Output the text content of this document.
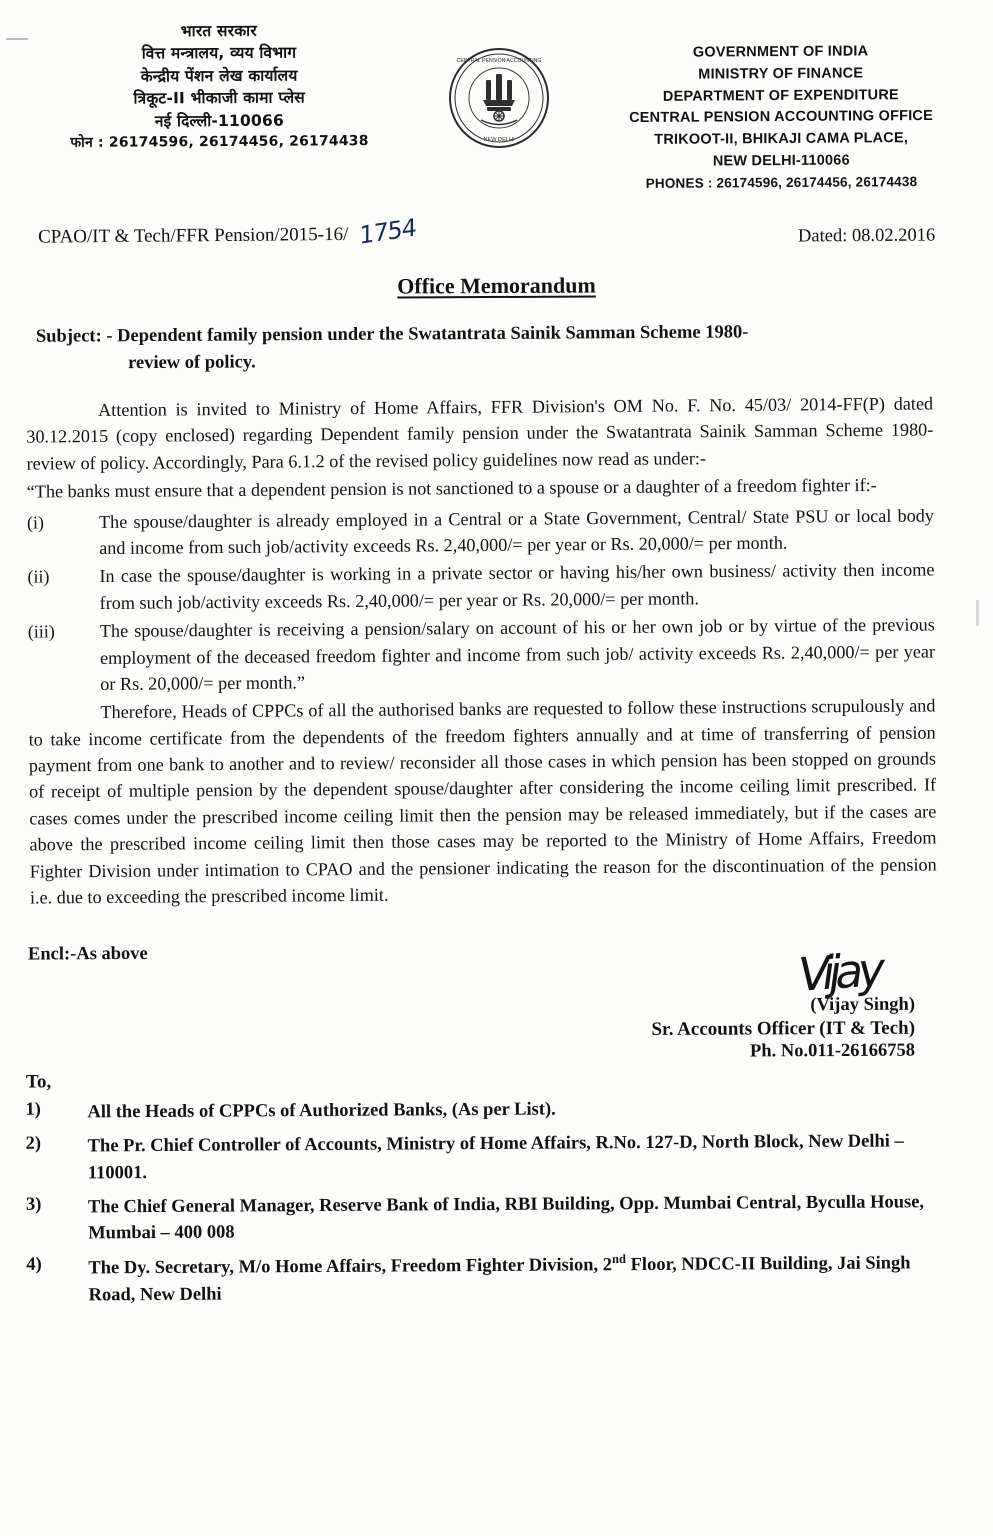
भारत सरकार
वित्त मन्त्रालय, व्यय विभाग
केन्द्रीय पेंशन लेख कार्यालय
त्रिकूट-II भीकाजी कामा प्लेस
नई दिल्ली-110066
फोन : 26174596, 26174456, 26174438
CENTRAL PENSION ACCOUNTING
NEW DELHI
GOVERNMENT OF INDIA
MINISTRY OF FINANCE
DEPARTMENT OF EXPENDITURE
CENTRAL PENSION ACCOUNTING OFFICE
TRIKOOT-II, BHIKAJI CAMA PLACE,
NEW DELHI-110066
PHONES : 26174596, 26174456, 26174438
CPAO/IT & Tech/FFR Pension/2015-16/ 1754	Dated: 08.02.2016
Office Memorandum
Subject: - Dependent family pension under the Swatantrata Sainik Samman Scheme 1980-
review of policy.

Attention is invited to Ministry of Home Affairs, FFR Division's OM No. F. No. 45/03/ 2014-FF(P) dated 30.12.2015 (copy enclosed) regarding Dependent family pension under the Swatantrata Sainik Samman Scheme 1980-review of policy. Accordingly, Para 6.1.2 of the revised policy guidelines now read as under:-

“The banks must ensure that a dependent pension is not sanctioned to a spouse or a daughter of a freedom fighter if:-

(i)	The spouse/daughter is already employed in a Central or a State Government, Central/ State PSU or local body and income from such job/activity exceeds Rs. 2,40,000/= per year or Rs. 20,000/= per month.
(ii)	In case the spouse/daughter is working in a private sector or having his/her own business/ activity then income from such job/activity exceeds Rs. 2,40,000/= per year or Rs. 20,000/= per month.
(iii)	The spouse/daughter is receiving a pension/salary on account of his or her own job or by virtue of the previous employment of the deceased freedom fighter and income from such job/ activity exceeds Rs. 2,40,000/= per year or Rs. 20,000/= per month.”

Therefore, Heads of CPPCs of all the authorised banks are requested to follow these instructions scrupulously and to take income certificate from the dependents of the freedom fighters annually and at time of transferring of pension payment from one bank to another and to review/ reconsider all those cases in which pension has been stopped on grounds of receipt of multiple pension by the dependent spouse/daughter after considering the income ceiling limit prescribed. If cases comes under the prescribed income ceiling limit then the pension may be released immediately, but if the cases are above the prescribed income ceiling limit then those cases may be reported to the Ministry of Home Affairs, Freedom Fighter Division under intimation to CPAO and the pensioner indicating the reason for the discontinuation of the pension i.e. due to exceeding the prescribed income limit.

Encl:-As above	Vijay
(Vijay Singh)
Sr. Accounts Officer (IT & Tech)
Ph. No.011-26166758
To,
1)	All the Heads of CPPCs of Authorized Banks, (As per List).
2)	The Pr. Chief Controller of Accounts, Ministry of Home Affairs, R.No. 127-D, North Block, New Delhi – 110001.
3)	The Chief General Manager, Reserve Bank of India, RBI Building, Opp. Mumbai Central, Byculla House, Mumbai – 400 008
4)	The Dy. Secretary, M/o Home Affairs, Freedom Fighter Division, 2nd Floor, NDCC-II Building, Jai Singh Road, New Delhi
